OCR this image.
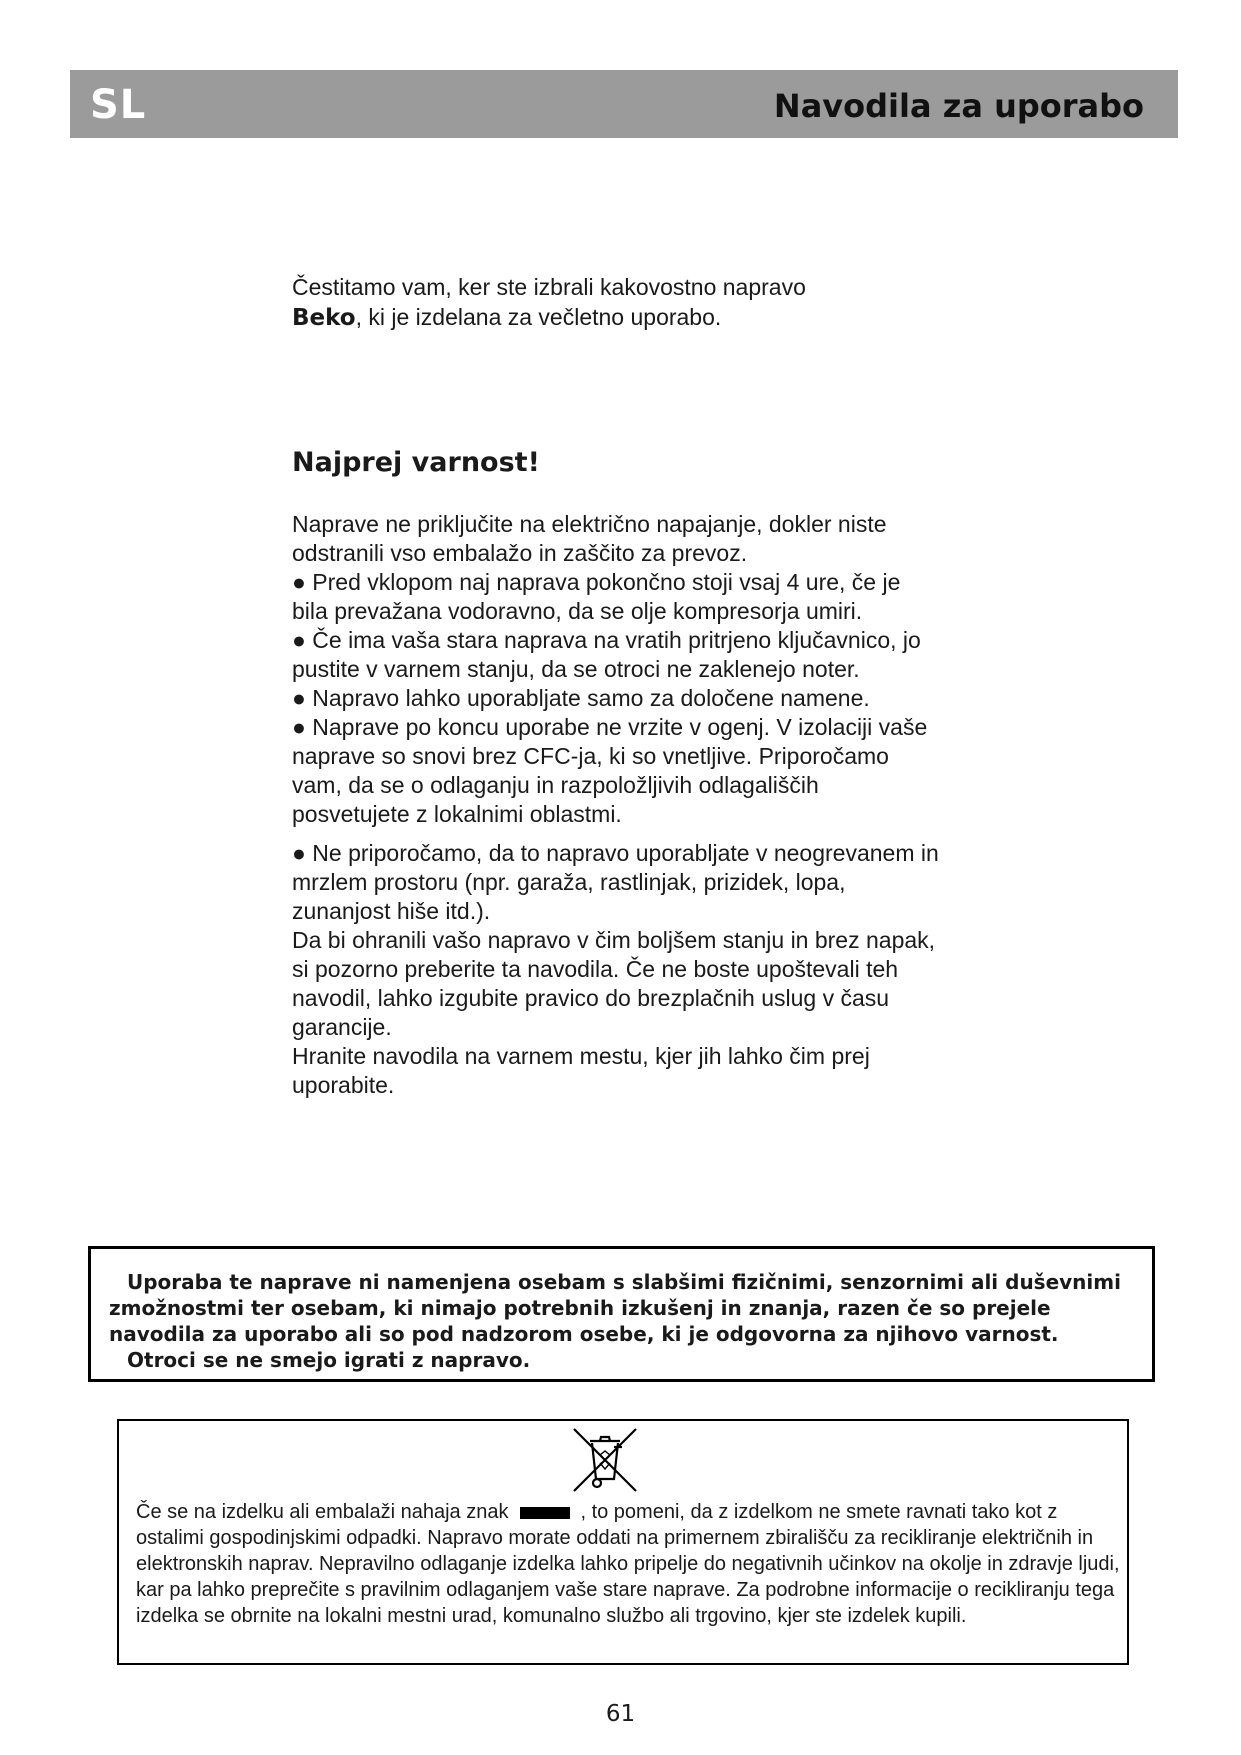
SL	Navodila za uporabo
Čestitamo vam, ker ste izbrali kakovostno napravo
Beko, ki je izdelana za večletno uporabo.
Najprej varnost!

Naprave ne priključite na električno napajanje, dokler niste odstranili vso embalažo in zaščito za prevoz.

● Pred vklopom naj naprava pokončno stoji vsaj 4 ure, če je bila prevažana vodoravno, da se olje kompresorja umiri.

● Če ima vaša stara naprava na vratih pritrjeno ključavnico, jo pustite v varnem stanju, da se otroci ne zaklenejo noter.

● Napravo lahko uporabljate samo za določene namene.

● Naprave po koncu uporabe ne vrzite v ogenj. V izolaciji vaše naprave so snovi brez CFC-ja, ki so vnetljive. Priporočamo vam, da se o odlaganju in razpoložljivih odlagališčih posvetujete z lokalnimi oblastmi.

● Ne priporočamo, da to napravo uporabljate v neogrevanem in mrzlem prostoru (npr. garaža, rastlinjak, prizidek, lopa, zunanjost hiše itd.).

Da bi ohranili vašo napravo v čim boljšem stanju in brez napak, si pozorno preberite ta navodila. Če ne boste upoštevali teh navodil, lahko izgubite pravico do brezplačnih uslug v času garancije.

Hranite navodila na varnem mestu, kjer jih lahko čim prej uporabite.

Uporaba te naprave ni namenjena osebam s slabšimi fizičnimi, senzornimi ali duševnimi zmožnostmi ter osebam, ki nimajo potrebnih izkušenj in znanja, razen če so prejele navodila za uporabo ali so pod nadzorom osebe, ki je odgovorna za njihovo varnost.

Otroci se ne smejo igrati z napravo.

Če se na izdelku ali embalaži nahaja znak	, to pomeni, da z izdelkom ne smete ravnati tako kot z ostalimi gospodinjskimi odpadki. Napravo morate oddati na primernem zbirališču za recikliranje električnih in elektronskih naprav. Nepravilno odlaganje izdelka lahko pripelje do negativnih učinkov na okolje in zdravje ljudi, kar pa lahko preprečite s pravilnim odlaganjem vaše stare naprave. Za podrobne informacije o recikliranju tega izdelka se obrnite na lokalni mestni urad, komunalno službo ali trgovino, kjer ste izdelek kupili.

61
